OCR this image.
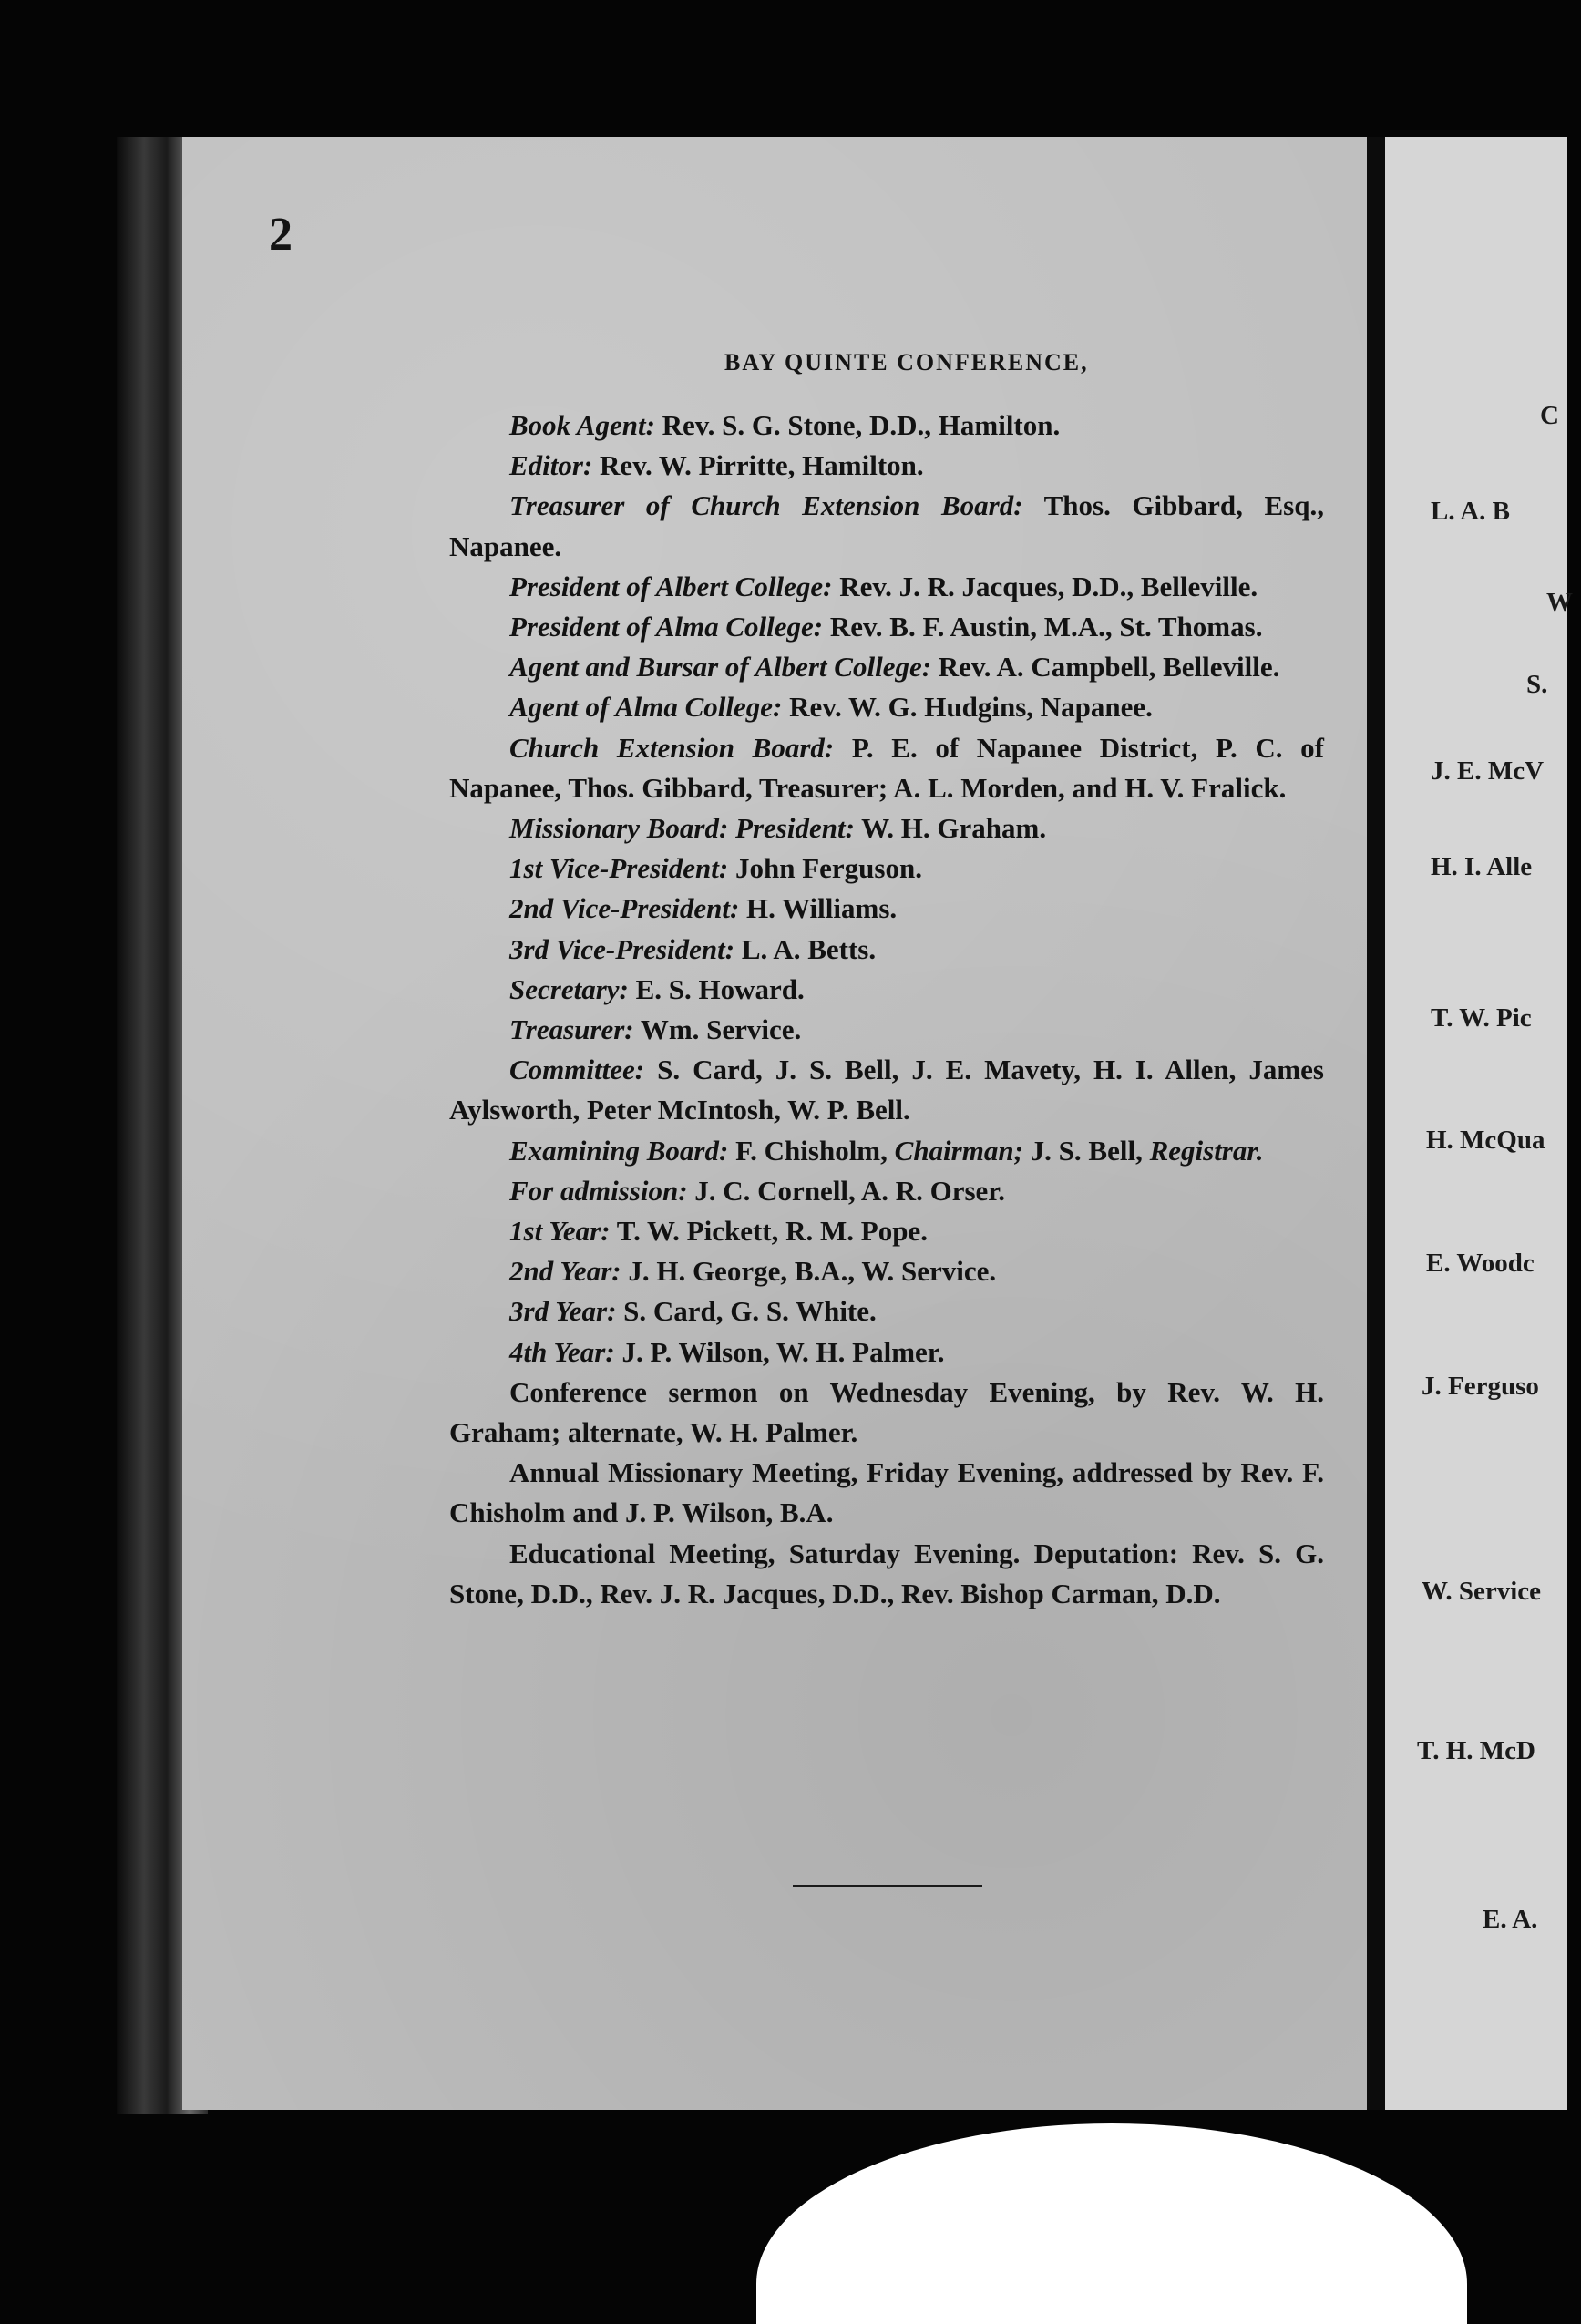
2
BAY QUINTE CONFERENCE,

Book Agent: Rev. S. G. Stone, D.D., Hamilton.

Editor: Rev. W. Pirritte, Hamilton.

Treasurer of Church Extension Board: Thos. Gibbard, Esq., Napanee.

President of Albert College: Rev. J. R. Jacques, D.D., Belleville.

President of Alma College: Rev. B. F. Austin, M.A., St. Thomas.

Agent and Bursar of Albert College: Rev. A. Campbell, Belleville.

Agent of Alma College: Rev. W. G. Hudgins, Napanee.

Church Extension Board: P. E. of Napanee District, P. C. of Napanee, Thos. Gibbard, Treasurer; A. L. Morden, and H. V. Fralick.

Missionary Board: President: W. H. Graham.

1st Vice-President: John Ferguson.

2nd Vice-President: H. Williams.

3rd Vice-President: L. A. Betts.

Secretary: E. S. Howard.

Treasurer: Wm. Service.

Committee: S. Card, J. S. Bell, J. E. Mavety, H. I. Allen, James Aylsworth, Peter McIntosh, W. P. Bell.

Examining Board: F. Chisholm, Chairman; J. S. Bell, Registrar.

For admission: J. C. Cornell, A. R. Orser.

1st Year: T. W. Pickett, R. M. Pope.

2nd Year: J. H. George, B.A., W. Service.

3rd Year: S. Card, G. S. White.

4th Year: J. P. Wilson, W. H. Palmer.

Conference sermon on Wednesday Evening, by Rev. W. H. Graham; alternate, W. H. Palmer.

Annual Missionary Meeting, Friday Evening, addressed by Rev. F. Chisholm and J. P. Wilson, B.A.

Educational Meeting, Saturday Evening. Deputation: Rev. S. G. Stone, D.D., Rev. J. R. Jacques, D.D., Rev. Bishop Carman, D.D.

C
L. A. B
W
S.
J. E. McV
H. I. Alle
T. W. Pic
H. McQua
E. Woodc
J. Ferguso
W. Service
T. H. McD
E. A.
